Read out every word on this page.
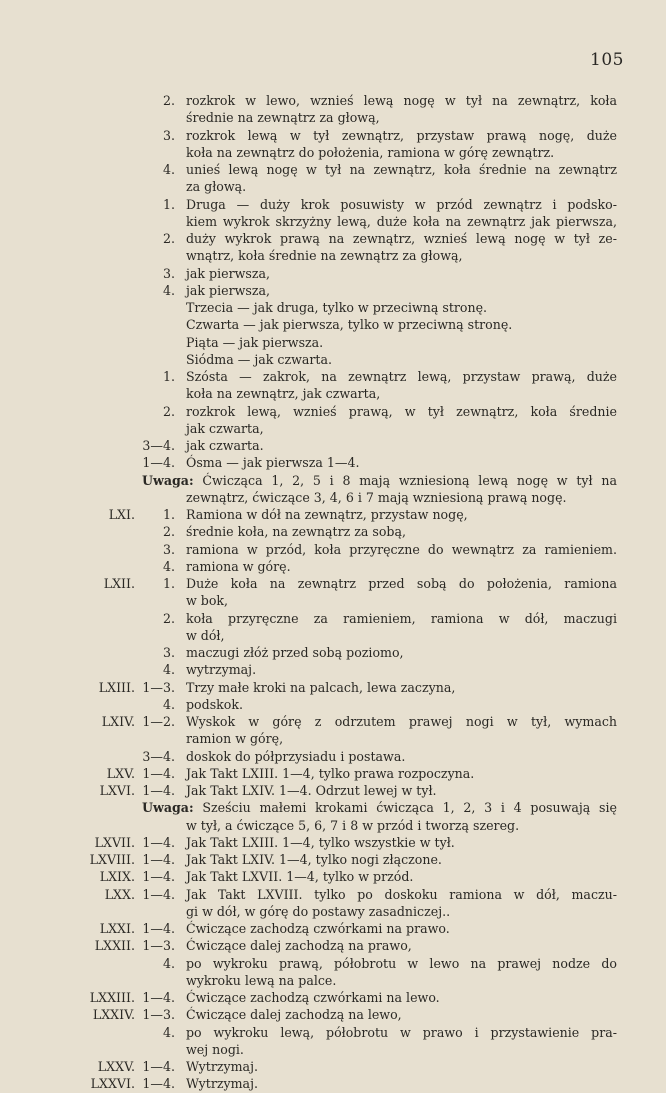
105
2. rozkrok w lewo, wznieś lewą nogę w tył na zewnątrz, koła
średnie na zewnątrz za głową,
3. rozkrok lewą w tył zewnątrz, przystaw prawą nogę, duże
koła na zewnątrz do położenia, ramiona w górę zewnątrz.
4. unieś lewą nogę w tył na zewnątrz, koła średnie na zewnątrz
za głową.
1. Druga — duży krok posuwisty w przód zewnątrz i podsko-
kiem wykrok skrzyżny lewą, duże koła na zewnątrz jak pierwsza,
2. duży wykrok prawą na zewnątrz, wznieś lewą nogę w tył ze-
wnątrz, koła średnie na zewnątrz za głową,
3. jak pierwsza,
4. jak pierwsza,
Trzecia — jak druga, tylko w przeciwną stronę.
Czwarta — jak pierwsza, tylko w przeciwną stronę.
Piąta — jak pierwsza.
Siódma — jak czwarta.
1. Szósta — zakrok, na zewnątrz lewą, przystaw prawą, duże
koła na zewnątrz, jak czwarta,
2. rozkrok lewą, wznieś prawą, w tył zewnątrz, koła średnie
jak czwarta,
3—4. jak czwarta.
1—4. Ósma — jak pierwsza 1—4.
Uwaga: Ćwicząca 1, 2, 5 i 8 mają wzniesioną lewą nogę w tył na
zewnątrz, ćwiczące 3, 4, 6 i 7 mają wzniesioną prawą nogę.
LXI. 1. Ramiona w dół na zewnątrz, przystaw nogę,
2. średnie koła, na zewnątrz za sobą,
3. ramiona w przód, koła przyręczne do wewnątrz za ramieniem.
4. ramiona w górę.
LXII. 1. Duże koła na zewnątrz przed sobą do położenia, ramiona
w bok,
2. koła przyręczne za ramieniem, ramiona w dół, maczugi
w dół,
3. maczugi złóż przed sobą poziomo,
4. wytrzymaj.
LXIII. 1—3. Trzy małe kroki na palcach, lewa zaczyna,
4. podskok.
LXIV. 1—2. Wyskok w górę z odrzutem prawej nogi w tył, wymach
ramion w górę,
3—4. doskok do półprzysiadu i postawa.
LXV. 1—4. Jak Takt LXIII. 1—4, tylko prawa rozpoczyna.
LXVI. 1—4. Jak Takt LXIV. 1—4. Odrzut lewej w tył.
Uwaga: Sześciu małemi krokami ćwicząca 1, 2, 3 i 4 posuwają się
w tył, a ćwiczące 5, 6, 7 i 8 w przód i tworzą szereg.
LXVII. 1—4. Jak Takt LXIII. 1—4, tylko wszystkie w tył.
LXVIII. 1—4. Jak Takt LXIV. 1—4, tylko nogi złączone.
LXIX. 1—4. Jak Takt LXVII. 1—4, tylko w przód.
LXX. 1—4. Jak Takt LXVIII. tylko po doskoku ramiona w dół, maczu-
gi w dół, w górę do postawy zasadniczej..
LXXI. 1—4. Ćwiczące zachodzą czwórkami na prawo.
LXXII. 1—3. Ćwiczące dalej zachodzą na prawo,
4. po wykroku prawą, półobrotu w lewo na prawej nodze do
wykroku lewą na palce.
LXXIII. 1—4. Ćwiczące zachodzą czwórkami na lewo.
LXXIV. 1—3. Ćwiczące dalej zachodzą na lewo,
4. po wykroku lewą, półobrotu w prawo i przystawienie pra-
wej nogi.
LXXV. 1—4. Wytrzymaj.
LXXVI. 1—4. Wytrzymaj.
